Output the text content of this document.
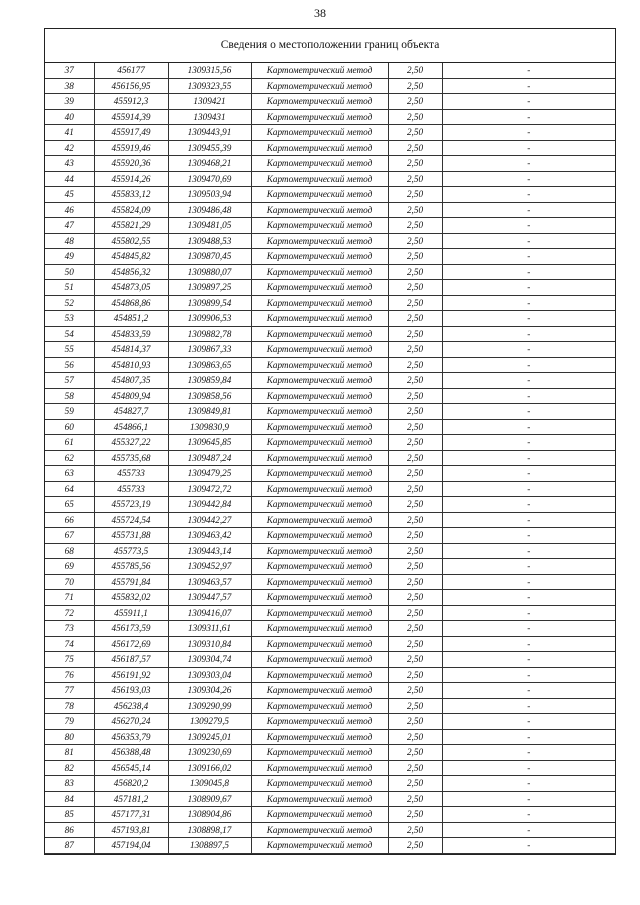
38
Сведения о местоположении границ объекта
37	456177	1309315,56	Картометрический метод	2,50	-
38	456156,95	1309323,55	Картометрический метод	2,50	-
39	455912,3	1309421	Картометрический метод	2,50	-
40	455914,39	1309431	Картометрический метод	2,50	-
41	455917,49	1309443,91	Картометрический метод	2,50	-
42	455919,46	1309455,39	Картометрический метод	2,50	-
43	455920,36	1309468,21	Картометрический метод	2,50	-
44	455914,26	1309470,69	Картометрический метод	2,50	-
45	455833,12	1309503,94	Картометрический метод	2,50	-
46	455824,09	1309486,48	Картометрический метод	2,50	-
47	455821,29	1309481,05	Картометрический метод	2,50	-
48	455802,55	1309488,53	Картометрический метод	2,50	-
49	454845,82	1309870,45	Картометрический метод	2,50	-
50	454856,32	1309880,07	Картометрический метод	2,50	-
51	454873,05	1309897,25	Картометрический метод	2,50	-
52	454868,86	1309899,54	Картометрический метод	2,50	-
53	454851,2	1309906,53	Картометрический метод	2,50	-
54	454833,59	1309882,78	Картометрический метод	2,50	-
55	454814,37	1309867,33	Картометрический метод	2,50	-
56	454810,93	1309863,65	Картометрический метод	2,50	-
57	454807,35	1309859,84	Картометрический метод	2,50	-
58	454809,94	1309858,56	Картометрический метод	2,50	-
59	454827,7	1309849,81	Картометрический метод	2,50	-
60	454866,1	1309830,9	Картометрический метод	2,50	-
61	455327,22	1309645,85	Картометрический метод	2,50	-
62	455735,68	1309487,24	Картометрический метод	2,50	-
63	455733	1309479,25	Картометрический метод	2,50	-
64	455733	1309472,72	Картометрический метод	2,50	-
65	455723,19	1309442,84	Картометрический метод	2,50	-
66	455724,54	1309442,27	Картометрический метод	2,50	-
67	455731,88	1309463,42	Картометрический метод	2,50	-
68	455773,5	1309443,14	Картометрический метод	2,50	-
69	455785,56	1309452,97	Картометрический метод	2,50	-
70	455791,84	1309463,57	Картометрический метод	2,50	-
71	455832,02	1309447,57	Картометрический метод	2,50	-
72	455911,1	1309416,07	Картометрический метод	2,50	-
73	456173,59	1309311,61	Картометрический метод	2,50	-
74	456172,69	1309310,84	Картометрический метод	2,50	-
75	456187,57	1309304,74	Картометрический метод	2,50	-
76	456191,92	1309303,04	Картометрический метод	2,50	-
77	456193,03	1309304,26	Картометрический метод	2,50	-
78	456238,4	1309290,99	Картометрический метод	2,50	-
79	456270,24	1309279,5	Картометрический метод	2,50	-
80	456353,79	1309245,01	Картометрический метод	2,50	-
81	456388,48	1309230,69	Картометрический метод	2,50	-
82	456545,14	1309166,02	Картометрический метод	2,50	-
83	456820,2	1309045,8	Картометрический метод	2,50	-
84	457181,2	1308909,67	Картометрический метод	2,50	-
85	457177,31	1308904,86	Картометрический метод	2,50	-
86	457193,81	1308898,17	Картометрический метод	2,50	-
87	457194,04	1308897,5	Картометрический метод	2,50	-
